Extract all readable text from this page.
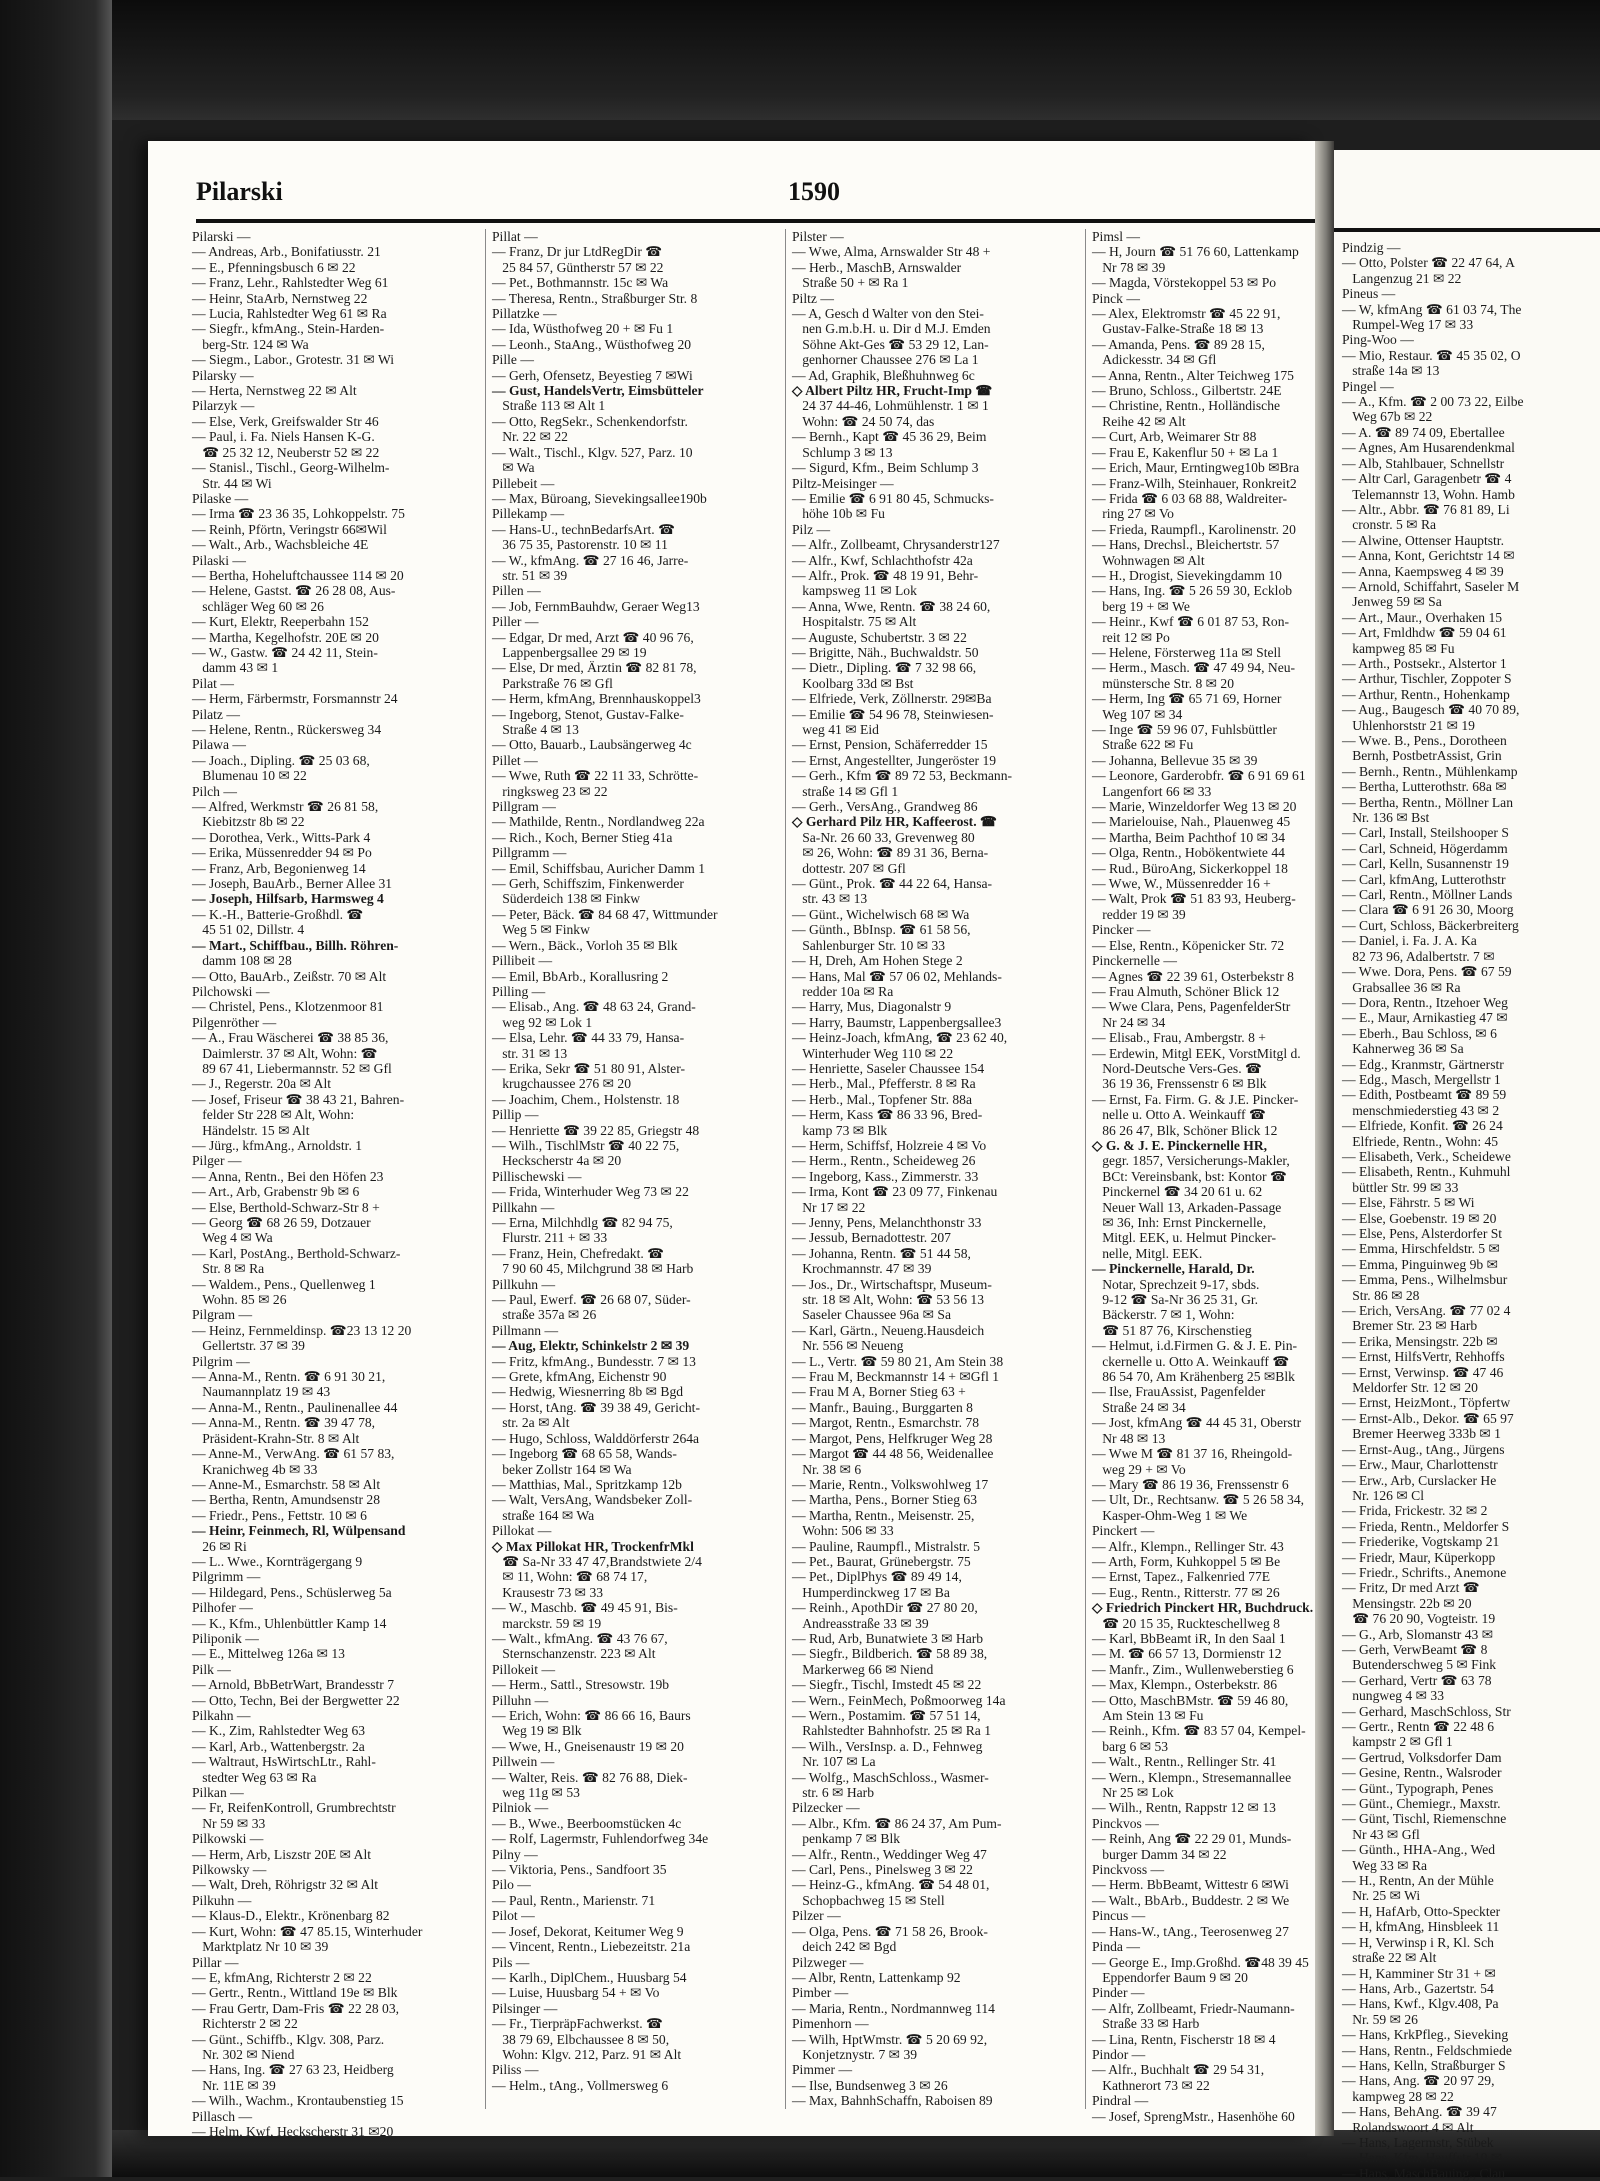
Pilarski	1590
Pilarski —
— Andreas, Arb., Bonifatiusstr. 21
— E., Pfenningsbusch 6 ✉ 22
— Franz, Lehr., Rahlstedter Weg 61
— Heinr, StaArb, Nernstweg 22
— Lucia, Rahlstedter Weg 61 ✉ Ra
— Siegfr., kfmAng., Stein-Harden-
berg-Str. 124 ✉ Wa
— Siegm., Labor., Grotestr. 31 ✉ Wi
Pilarsky —
— Herta, Nernstweg 22 ✉ Alt
Pilarzyk —
— Else, Verk, Greifswalder Str 46
— Paul, i. Fa. Niels Hansen K-G.
☎ 25 32 12, Neuberstr 52 ✉ 22
— Stanisl., Tischl., Georg-Wilhelm-
Str. 44 ✉ Wi
Pilaske —
— Irma ☎ 23 36 35, Lohkoppelstr. 75
— Reinh, Pförtn, Veringstr 66✉Wil
— Walt., Arb., Wachsbleiche 4E
Pilaski —
— Bertha, Hoheluftchaussee 114 ✉ 20
— Helene, Gastst. ☎ 26 28 08, Aus-
schläger Weg 60 ✉ 26
— Kurt, Elektr, Reeperbahn 152
— Martha, Kegelhofstr. 20E ✉ 20
— W., Gastw. ☎ 24 42 11, Stein-
damm 43 ✉ 1
Pilat —
— Herm, Färbermstr, Forsmannstr 24
Pilatz —
— Helene, Rentn., Rückersweg 34
Pilawa —
— Joach., Dipling. ☎ 25 03 68,
Blumenau 10 ✉ 22
Pilch —
— Alfred, Werkmstr ☎ 26 81 58,
Kiebitzstr 8b ✉ 22
— Dorothea, Verk., Witts-Park 4
— Erika, Müssenredder 94 ✉ Po
— Franz, Arb, Begonienweg 14
— Joseph, BauArb., Berner Allee 31
— Joseph, Hilfsarb, Harmsweg 4
— K.-H., Batterie-Großhdl. ☎
45 51 02, Dillstr. 4
— Mart., Schiffbau., Billh. Röhren-
damm 108 ✉ 28
— Otto, BauArb., Zeißstr. 70 ✉ Alt
Pilchowski —
— Christel, Pens., Klotzenmoor 81
Pilgenröther —
— A., Frau Wäscherei ☎ 38 85 36,
Daimlerstr. 37 ✉ Alt, Wohn: ☎
89 67 41, Liebermannstr. 52 ✉ Gfl
— J., Regerstr. 20a ✉ Alt
— Josef, Friseur ☎ 38 43 21, Bahren-
felder Str 228 ✉ Alt, Wohn:
Händelstr. 15 ✉ Alt
— Jürg., kfmAng., Arnoldstr. 1
Pilger —
— Anna, Rentn., Bei den Höfen 23
— Art., Arb, Grabenstr 9b ✉ 6
— Else, Berthold-Schwarz-Str 8 +
— Georg ☎ 68 26 59, Dotzauer
Weg 4 ✉ Wa
— Karl, PostAng., Berthold-Schwarz-
Str. 8 ✉ Ra
— Waldem., Pens., Quellenweg 1
Wohn. 85 ✉ 26
Pilgram —
— Heinz, Fernmeldinsp. ☎23 13 12 20
Gellertstr. 37 ✉ 39
Pilgrim —
— Anna-M., Rentn. ☎ 6 91 30 21,
Naumannplatz 19 ✉ 43
— Anna-M., Rentn., Paulinenallee 44
— Anna-M., Rentn. ☎ 39 47 78,
Präsident-Krahn-Str. 8 ✉ Alt
— Anne-M., VerwAng. ☎ 61 57 83,
Kranichweg 4b ✉ 33
— Anne-M., Esmarchstr. 58 ✉ Alt
— Bertha, Rentn, Amundsenstr 28
— Friedr., Pens., Fettstr. 10 ✉ 6
— Heinr, Feinmech, Rl, Wülpensand
26 ✉ Ri
— L.. Wwe., Kornträgergang 9
Pilgrimm —
— Hildegard, Pens., Schüslerweg 5a
Pilhofer —
— K., Kfm., Uhlenbüttler Kamp 14
Piliponik —
— E., Mittelweg 126a ✉ 13
Pilk —
— Arnold, BbBetrWart, Brandesstr 7
— Otto, Techn, Bei der Bergwetter 22
Pilkahn —
— K., Zim, Rahlstedter Weg 63
— Karl, Arb., Wattenbergstr. 2a
— Waltraut, HsWirtschLtr., Rahl-
stedter Weg 63 ✉ Ra
Pilkan —
— Fr, ReifenKontroll, Grumbrechtstr
Nr 59 ✉ 33
Pilkowski —
— Herm, Arb, Liszstr 20E ✉ Alt
Pilkowsky —
— Walt, Dreh, Röhrigstr 32 ✉ Alt
Pilkuhn —
— Klaus-D., Elektr., Krönenbarg 82
— Kurt, Wohn: ☎ 47 85.15, Winterhuder
Marktplatz Nr 10 ✉ 39
Pillar —
— E, kfmAng, Richterstr 2 ✉ 22
— Gertr., Rentn., Wittland 19e ✉ Blk
— Frau Gertr, Dam-Fris ☎ 22 28 03,
Richterstr 2 ✉ 22
— Günt., Schiffb., Klgv. 308, Parz.
Nr. 302 ✉ Niend
— Hans, Ing. ☎ 27 63 23, Heidberg
Nr. 11E ✉ 39
— Wilh., Wachm., Krontaubenstieg 15
Pillasch —
— Helm, Kwf, Heckscherstr 31 ✉20
Pillat —
— Franz, Dr jur LtdRegDir ☎
25 84 57, Güntherstr 57 ✉ 22
— Pet., Bothmannstr. 15c ✉ Wa
— Theresa, Rentn., Straßburger Str. 8
Pillatzke —
— Ida, Wüsthofweg 20 + ✉ Fu 1
— Leonh., StaAng., Wüsthofweg 20
Pille —
— Gerh, Ofensetz, Beyestieg 7 ✉Wi
— Gust, HandelsVertr, Eimsbütteler
Straße 113 ✉ Alt 1
— Otto, RegSekr., Schenkendorfstr.
Nr. 22 ✉ 22
— Walt., Tischl., Klgv. 527, Parz. 10
✉ Wa
Pillebeit —
— Max, Büroang, Sievekingsallee190b
Pillekamp —
— Hans-U., technBedarfsArt. ☎
36 75 35, Pastorenstr. 10 ✉ 11
— W., kfmAng. ☎ 27 16 46, Jarre-
str. 51 ✉ 39
Pillen —
— Job, FernmBauhdw, Geraer Weg13
Piller —
— Edgar, Dr med, Arzt ☎ 40 96 76,
Lappenbergsallee 29 ✉ 19
— Else, Dr med, Ärztin ☎ 82 81 78,
Parkstraße 76 ✉ Gfl
— Herm, kfmAng, Brennhauskoppel3
— Ingeborg, Stenot, Gustav-Falke-
Straße 4 ✉ 13
— Otto, Bauarb., Laubsängerweg 4c
Pillet —
— Wwe, Ruth ☎ 22 11 33, Schrötte-
ringksweg 23 ✉ 22
Pillgram —
— Mathilde, Rentn., Nordlandweg 22a
— Rich., Koch, Berner Stieg 41a
Pillgramm —
— Emil, Schiffsbau, Auricher Damm 1
— Gerh, Schiffszim, Finkenwerder
Süderdeich 138 ✉ Finkw
— Peter, Bäck. ☎ 84 68 47, Wittmunder
Weg 5 ✉ Finkw
— Wern., Bäck., Vorloh 35 ✉ Blk
Pillibeit —
— Emil, BbArb., Korallusring 2
Pilling —
— Elisab., Ang. ☎ 48 63 24, Grand-
weg 92 ✉ Lok 1
— Elsa, Lehr. ☎ 44 33 79, Hansa-
str. 31 ✉ 13
— Erika, Sekr ☎ 51 80 91, Alster-
krugchaussee 276 ✉ 20
— Joachim, Chem., Holstenstr. 18
Pillip —
— Henriette ☎ 39 22 85, Griegstr 48
— Wilh., TischlMstr ☎ 40 22 75,
Heckscherstr 4a ✉ 20
Pillischewski —
— Frida, Winterhuder Weg 73 ✉ 22
Pillkahn —
— Erna, Milchhdlg ☎ 82 94 75,
Flurstr. 211 + ✉ 33
— Franz, Hein, Chefredakt. ☎
7 90 60 45, Milchgrund 38 ✉ Harb
Pillkuhn —
— Paul, Ewerf. ☎ 26 68 07, Süder-
straße 357a ✉ 26
Pillmann —
— Aug, Elektr, Schinkelstr 2 ✉ 39
— Fritz, kfmAng., Bundesstr. 7 ✉ 13
— Grete, kfmAng, Eichenstr 90
— Hedwig, Wiesnerring 8b ✉ Bgd
— Horst, tAng. ☎ 39 38 49, Gericht-
str. 2a ✉ Alt
— Hugo, Schloss, Walddörferstr 264a
— Ingeborg ☎ 68 65 58, Wands-
beker Zollstr 164 ✉ Wa
— Matthias, Mal., Spritzkamp 12b
— Walt, VersAng, Wandsbeker Zoll-
straße 164 ✉ Wa
Pillokat —
◇ Max Pillokat HR, TrockenfrMkl
☎ Sa-Nr 33 47 47,Brandstwiete 2/4
✉ 11, Wohn: ☎ 68 74 17,
Krausestr 73 ✉ 33
— W., Maschb. ☎ 49 45 91, Bis-
marckstr. 59 ✉ 19
— Walt., kfmAng. ☎ 43 76 67,
Sternschanzenstr. 223 ✉ Alt
Pillokeit —
— Herm., Sattl., Stresowstr. 19b
Pilluhn —
— Erich, Wohn: ☎ 86 66 16, Baurs
Weg 19 ✉ Blk
— Wwe, H., Gneisenaustr 19 ✉ 20
Pillwein —
— Walter, Reis. ☎ 82 76 88, Diek-
weg 11g ✉ 53
Pilniok —
— B., Wwe., Beerboomstücken 4c
— Rolf, Lagermstr, Fuhlendorfweg 34e
Pilny —
— Viktoria, Pens., Sandfoort 35
Pilo —
— Paul, Rentn., Marienstr. 71
Pilot —
— Josef, Dekorat, Keitumer Weg 9
— Vincent, Rentn., Liebezeitstr. 21a
Pils —
— Karlh., DiplChem., Huusbarg 54
— Luise, Huusbarg 54 + ✉ Vo
Pilsinger —
— Fr., TierpräpFachwerkst. ☎
38 79 69, Elbchaussee 8 ✉ 50,
Wohn: Klgv. 212, Parz. 91 ✉ Alt
Piliss —
— Helm., tAng., Vollmersweg 6
Pilster —
— Wwe, Alma, Arnswalder Str 48 +
— Herb., MaschB, Arnswalder
Straße 50 + ✉ Ra 1
Piltz —
— A, Gesch d Walter von den Stei-
nen G.m.b.H. u. Dir d M.J. Emden
Söhne Akt-Ges ☎ 53 29 12, Lan-
genhorner Chaussee 276 ✉ La 1
— Ad, Graphik, Bleßhuhnweg 6c
◇ Albert Piltz HR, Frucht-Imp ☎
24 37 44-46, Lohmühlenstr. 1 ✉ 1
Wohn: ☎ 24 50 74, das
— Bernh., Kapt ☎ 45 36 29, Beim
Schlump 3 ✉ 13
— Sigurd, Kfm., Beim Schlump 3
Piltz-Meisinger —
— Emilie ☎ 6 91 80 45, Schmucks-
höhe 10b ✉ Fu
Pilz —
— Alfr., Zollbeamt, Chrysanderstr127
— Alfr., Kwf, Schlachthofstr 42a
— Alfr., Prok. ☎ 48 19 91, Behr-
kampsweg 11 ✉ Lok
— Anna, Wwe, Rentn. ☎ 38 24 60,
Hospitalstr. 75 ✉ Alt
— Auguste, Schubertstr. 3 ✉ 22
— Brigitte, Näh., Buchwaldstr. 50
— Dietr., Dipling. ☎ 7 32 98 66,
Koolbarg 33d ✉ Bst
— Elfriede, Verk, Zöllnerstr. 29✉Ba
— Emilie ☎ 54 96 78, Steinwiesen-
weg 41 ✉ Eid
— Ernst, Pension, Schäferredder 15
— Ernst, Angestellter, Jungeröster 19
— Gerh., Kfm ☎ 89 72 53, Beckmann-
straße 14 ✉ Gfl 1
— Gerh., VersAng., Grandweg 86
◇ Gerhard Pilz HR, Kaffeerost. ☎
Sa-Nr. 26 60 33, Grevenweg 80
✉ 26, Wohn: ☎ 89 31 36, Berna-
dottestr. 207 ✉ Gfl
— Günt., Prok. ☎ 44 22 64, Hansa-
str. 43 ✉ 13
— Günt., Wichelwisch 68 ✉ Wa
— Günth., BbInsp. ☎ 61 58 56,
Sahlenburger Str. 10 ✉ 33
— H, Dreh, Am Hohen Stege 2
— Hans, Mal ☎ 57 06 02, Mehlands-
redder 10a ✉ Ra
— Harry, Mus, Diagonalstr 9
— Harry, Baumstr, Lappenbergsallee3
— Heinz-Joach, kfmAng, ☎ 23 62 40,
Winterhuder Weg 110 ✉ 22
— Henriette, Saseler Chaussee 154
— Herb., Mal., Pfefferstr. 8 ✉ Ra
— Herb., Mal., Topfener Str. 88a
— Herm, Kass ☎ 86 33 96, Bred-
kamp 73 ✉ Blk
— Herm, Schiffsf, Holzreie 4 ✉ Vo
— Herm., Rentn., Scheideweg 26
— Ingeborg, Kass., Zimmerstr. 33
— Irma, Kont ☎ 23 09 77, Finkenau
Nr 17 ✉ 22
— Jenny, Pens, Melanchthonstr 33
— Jessub, Bernadottestr. 207
— Johanna, Rentn. ☎ 51 44 58,
Krochmannstr. 47 ✉ 39
— Jos., Dr., Wirtschaftspr, Museum-
str. 18 ✉ Alt, Wohn: ☎ 53 56 13
Saseler Chaussee 96a ✉ Sa
— Karl, Gärtn., Neueng.Hausdeich
Nr. 556 ✉ Neueng
— L., Vertr. ☎ 59 80 21, Am Stein 38
— Frau M, Beckmannstr 14 + ✉Gfl 1
— Frau M A, Borner Stieg 63 +
— Manfr., Bauing., Burggarten 8
— Margot, Rentn., Esmarchstr. 78
— Margot, Pens, Helfkruger Weg 28
— Margot ☎ 44 48 56, Weidenallee
Nr. 38 ✉ 6
— Marie, Rentn., Volkswohlweg 17
— Martha, Pens., Borner Stieg 63
— Martha, Rentn., Meisenstr. 25,
Wohn: 506 ✉ 33
— Pauline, Raumpfl., Mistralstr. 5
— Pet., Baurat, Grünebergstr. 75
— Pet., DiplPhys ☎ 89 49 14,
Humperdinckweg 17 ✉ Ba
— Reinh., ApothDir ☎ 27 80 20,
Andreasstraße 33 ✉ 39
— Rud, Arb, Bunatwiete 3 ✉ Harb
— Siegfr., Bildberich. ☎ 58 89 38,
Markerweg 66 ✉ Niend
— Siegfr., Tischl, Imstedt 45 ✉ 22
— Wern., FeinMech, Poßmoorweg 14a
— Wern., Postamim. ☎ 57 51 14,
Rahlstedter Bahnhofstr. 25 ✉ Ra 1
— Wilh., VersInsp. a. D., Fehnweg
Nr. 107 ✉ La
— Wolfg., MaschSchloss., Wasmer-
str. 6 ✉ Harb
Pilzecker —
— Albr., Kfm. ☎ 86 24 37, Am Pum-
penkamp 7 ✉ Blk
— Alfr., Rentn., Weddinger Weg 47
— Carl, Pens., Pinelsweg 3 ✉ 22
— Heinz-G., kfmAng. ☎ 54 48 01,
Schopbachweg 15 ✉ Stell
Pilzer —
— Olga, Pens. ☎ 71 58 26, Brook-
deich 242 ✉ Bgd
Pilzweger —
— Albr, Rentn, Lattenkamp 92
Pimber —
— Maria, Rentn., Nordmannweg 114
Pimenhorn —
— Wilh, HptWmstr. ☎ 5 20 69 92,
Konjetznystr. 7 ✉ 39
Pimmer —
— Ilse, Bundsenweg 3 ✉ 26
— Max, BahnhSchaffn, Raboisen 89
Pimsl —
— H, Journ ☎ 51 76 60, Lattenkamp
Nr 78 ✉ 39
— Magda, Vörstekoppel 53 ✉ Po
Pinck —
— Alex, Elektromstr ☎ 45 22 91,
Gustav-Falke-Straße 18 ✉ 13
— Amanda, Pens. ☎ 89 28 15,
Adickesstr. 34 ✉ Gfl
— Anna, Rentn., Alter Teichweg 175
— Bruno, Schloss., Gilbertstr. 24E
— Christine, Rentn., Holländische
Reihe 42 ✉ Alt
— Curt, Arb, Weimarer Str 88
— Frau E, Kakenflur 50 + ✉ La 1
— Erich, Maur, Erntingweg10b ✉Bra
— Franz-Wilh, Steinhauer, Ronkreit2
— Frida ☎ 6 03 68 88, Waldreiter-
ring 27 ✉ Vo
— Frieda, Raumpfl., Karolinenstr. 20
— Hans, Drechsl., Bleichertstr. 57
Wohnwagen ✉ Alt
— H., Drogist, Sievekingdamm 10
— Hans, Ing. ☎ 5 26 59 30, Ecklob
berg 19 + ✉ We
— Heinr., Kwf ☎ 6 01 87 53, Ron-
reit 12 ✉ Po
— Helene, Försterweg 11a ✉ Stell
— Herm., Masch. ☎ 47 49 94, Neu-
münstersche Str. 8 ✉ 20
— Herm, Ing ☎ 65 71 69, Horner
Weg 107 ✉ 34
— Inge ☎ 59 96 07, Fuhlsbüttler
Straße 622 ✉ Fu
— Johanna, Bellevue 35 ✉ 39
— Leonore, Garderobfr. ☎ 6 91 69 61
Langenfort 66 ✉ 33
— Marie, Winzeldorfer Weg 13 ✉ 20
— Marielouise, Nah., Plauenweg 45
— Martha, Beim Pachthof 10 ✉ 34
— Olga, Rentn., Hobökentwiete 44
— Rud., BüroAng, Sickerkoppel 18
— Wwe, W., Müssenredder 16 +
— Walt, Prok ☎ 51 83 93, Heuberg-
redder 19 ✉ 39
Pincker —
— Else, Rentn., Köpenicker Str. 72
Pinckernelle —
— Agnes ☎ 22 39 61, Osterbekstr 8
— Frau Almuth, Schöner Blick 12
— Wwe Clara, Pens, PagenfelderStr
Nr 24 ✉ 34
— Elisab., Frau, Ambergstr. 8 +
— Erdewin, Mitgl EEK, VorstMitgl d.
Nord-Deutsche Vers-Ges. ☎
36 19 36, Frenssenstr 6 ✉ Blk
— Ernst, Fa. Firm. G. & J.E. Pincker-
nelle u. Otto A. Weinkauff ☎
86 26 47, Blk, Schöner Blick 12
◇ G. & J. E. Pinckernelle HR,
gegr. 1857, Versicherungs-Makler,
BCt: Vereinsbank, bst: Kontor ☎
Pinckernel ☎ 34 20 61 u. 62
Neuer Wall 13, Arkaden-Passage
✉ 36, Inh: Ernst Pinckernelle,
Mitgl. EEK, u. Helmut Pincker-
nelle, Mitgl. EEK.
— Pinckernelle, Harald, Dr.
Notar, Sprechzeit 9-17, sbds.
9-12 ☎ Sa-Nr 36 25 31, Gr.
Bäckerstr. 7 ✉ 1, Wohn:
☎ 51 87 76, Kirschenstieg
— Helmut, i.d.Firmen G. & J. E. Pin-
ckernelle u. Otto A. Weinkauff ☎
86 54 70, Am Krähenberg 25 ✉Blk
— Ilse, FrauAssist, Pagenfelder
Straße 24 ✉ 34
— Jost, kfmAng ☎ 44 45 31, Oberstr
Nr 48 ✉ 13
— Wwe M ☎ 81 37 16, Rheingold-
weg 29 + ✉ Vo
— Mary ☎ 86 19 36, Frenssenstr 6
— Ult, Dr., Rechtsanw. ☎ 5 26 58 34,
Kasper-Ohm-Weg 1 ✉ We
Pinckert —
— Alfr., Klempn., Rellinger Str. 43
— Arth, Form, Kuhkoppel 5 ✉ Be
— Ernst, Tapez., Falkenried 77E
— Eug., Rentn., Ritterstr. 77 ✉ 26
◇ Friedrich Pinckert HR, Buchdruck.
☎ 20 15 35, Ruckteschellweg 8
— Karl, BbBeamt iR, In den Saal 1
— M. ☎ 66 57 13, Dormienstr 12
— Manfr., Zim., Wullenweberstieg 6
— Max, Klempn., Osterbekstr. 86
— Otto, MaschBMstr. ☎ 59 46 80,
Am Stein 13 ✉ Fu
— Reinh., Kfm. ☎ 83 57 04, Kempel-
barg 6 ✉ 53
— Walt., Rentn., Rellinger Str. 41
— Wern., Klempn., Stresemannallee
Nr 25 ✉ Lok
— Wilh., Rentn, Rappstr 12 ✉ 13
Pinckvos —
— Reinh, Ang ☎ 22 29 01, Munds-
burger Damm 34 ✉ 22
Pinckvoss —
— Herm. BbBeamt, Wittestr 6 ✉Wi
— Walt., BbArb., Buddestr. 2 ✉ We
Pincus —
— Hans-W., tAng., Teerosenweg 27
Pinda —
— George E., Imp.Großhd. ☎48 39 45
Eppendorfer Baum 9 ✉ 20
Pinder —
— Alfr, Zollbeamt, Friedr-Naumann-
Straße 33 ✉ Harb
— Lina, Rentn, Fischerstr 18 ✉ 4
Pindor —
— Alfr., Buchhalt ☎ 29 54 31,
Kathnerort 73 ✉ 22
Pindral —
— Josef, SprengMstr., Hasenhöhe 60
Pindzig —
— Otto, Polster ☎ 22 47 64, A
Langenzug 21 ✉ 22
Pineus —
— W, kfmAng ☎ 61 03 74, The
Rumpel-Weg 17 ✉ 33
Ping-Woo —
— Mio, Restaur. ☎ 45 35 02, O
straße 14a ✉ 13
Pingel —
— A., Kfm. ☎ 2 00 73 22, Eilbe
Weg 67b ✉ 22
— A. ☎ 89 74 09, Ebertallee
— Agnes, Am Husarendenkmal
— Alb, Stahlbauer, Schnellstr
— Altr Carl, Garagenbetr ☎ 4
Telemannstr 13, Wohn. Hamb
— Altr., Abbr. ☎ 76 81 89, Li
cronstr. 5 ✉ Ra
— Alwine, Ottenser Hauptstr.
— Anna, Kont, Gerichtstr 14 ✉
— Anna, Kaempsweg 4 ✉ 39
— Arnold, Schiffahrt, Saseler M
Jenweg 59 ✉ Sa
— Art., Maur., Overhaken 15
— Art, Fmldhdw ☎ 59 04 61
kampweg 85 ✉ Fu
— Arth., Postsekr., Alstertor 1
— Arthur, Tischler, Zoppoter S
— Arthur, Rentn., Hohenkamp
— Aug., Baugesch ☎ 40 70 89,
Uhlenhorststr 21 ✉ 19
— Wwe. B., Pens., Dorotheen
Bernh, PostbetrAssist, Grin
— Bernh., Rentn., Mühlenkamp
— Bertha, Lutterothstr. 68a ✉
— Bertha, Rentn., Möllner Lan
Nr. 136 ✉ Bst
— Carl, Install, Steilshooper S
— Carl, Schneid, Högerdamm
— Carl, Kelln, Susannenstr 19
— Carl, kfmAng, Lutterothstr
— Carl, Rentn., Möllner Lands
— Clara ☎ 6 91 26 30, Moorg
— Curt, Schloss, Bäckerbreiterg
— Daniel, i. Fa. J. A. Ka
82 73 96, Adalbertstr. 7 ✉
— Wwe. Dora, Pens. ☎ 67 59
Grabsallee 36 ✉ Ra
— Dora, Rentn., Itzehoer Weg
— E., Maur, Arnikastieg 47 ✉
— Eberh., Bau Schloss, ✉ 6
Kahnerweg 36 ✉ Sa
— Edg., Kranmstr, Gärtnerstr
— Edg., Masch, Mergellstr 1
— Edith, Postbeamt ☎ 89 59
menschmiederstieg 43 ✉ 2
— Elfriede, Konfit. ☎ 26 24
Elfriede, Rentn., Wohn: 45
— Elisabeth, Verk., Scheidewe
— Elisabeth, Rentn., Kuhmuhl
büttler Str. 99 ✉ 33
— Else, Fährstr. 5 ✉ Wi
— Else, Goebenstr. 19 ✉ 20
— Else, Pens, Alsterdorfer St
— Emma, Hirschfeldstr. 5 ✉
— Emma, Pinguinweg 9b ✉
— Emma, Pens., Wilhelmsbur
Str. 86 ✉ 28
— Erich, VersAng. ☎ 77 02 4
Bremer Str. 23 ✉ Harb
— Erika, Mensingstr. 22b ✉
— Ernst, HilfsVertr, Rehhoffs
— Ernst, Verwinsp. ☎ 47 46
Meldorfer Str. 12 ✉ 20
— Ernst, HeizMont., Töpfertw
— Ernst-Alb., Dekor. ☎ 65 97
Bremer Heerweg 333b ✉ 1
— Ernst-Aug., tAng., Jürgens
— Erw., Maur, Charlottenstr
— Erw., Arb, Curslacker He
Nr. 126 ✉ Cl
— Frida, Frickestr. 32 ✉ 2
— Frieda, Rentn., Meldorfer S
— Friederike, Vogtskamp 21
— Friedr, Maur, Küperkopp
— Friedr., Schrifts., Anemone
— Fritz, Dr med Arzt ☎
Mensingstr. 22b ✉ 20
☎ 76 20 90, Vogteistr. 19
— G., Arb, Slomanstr 43 ✉
— Gerh, VerwBeamt ☎ 8
Butenderschweg 5 ✉ Fink
— Gerhard, Vertr ☎ 63 78
nungweg 4 ✉ 33
— Gerhard, MaschSchloss, Str
— Gertr., Rentn ☎ 22 48 6
kampstr 2 ✉ Gfl 1
— Gertrud, Volksdorfer Dam
— Gesine, Rentn., Walsroder
— Günt., Typograph, Penes
— Günt., Chemiegr., Maxstr.
— Günt, Tischl, Riemenschne
Nr 43 ✉ Gfl
— Günth., HHA-Ang., Wed
Weg 33 ✉ Ra
— H., Rentn, An der Mühle
Nr. 25 ✉ Wi
— H, HafArb, Otto-Speckter
— H, kfmAng, Hinsbleek 11
— H, Verwinsp i R, Kl. Sch
straße 22 ✉ Alt
— H, Kamminer Str 31 + ✉
— Hans, Arb., Gazertstr. 54
— Hans, Kwf., Klgv.408, Pa
Nr. 59 ✉ 26
— Hans, KrkPfleg., Sieveking
— Hans, Rentn., Feldschmiede
— Hans, Kelln, Straßburger S
— Hans, Ang. ☎ 20 97 29,
kampweg 28 ✉ 22
— Hans, BehAng. ☎ 39 47
Rolandswoort 4 ✉ Alt
— Hans, Lagermstr, Stübek
— Hans, Kfm, Hauffstr 10 ✉
— Hans, MaschBauing., Clau
